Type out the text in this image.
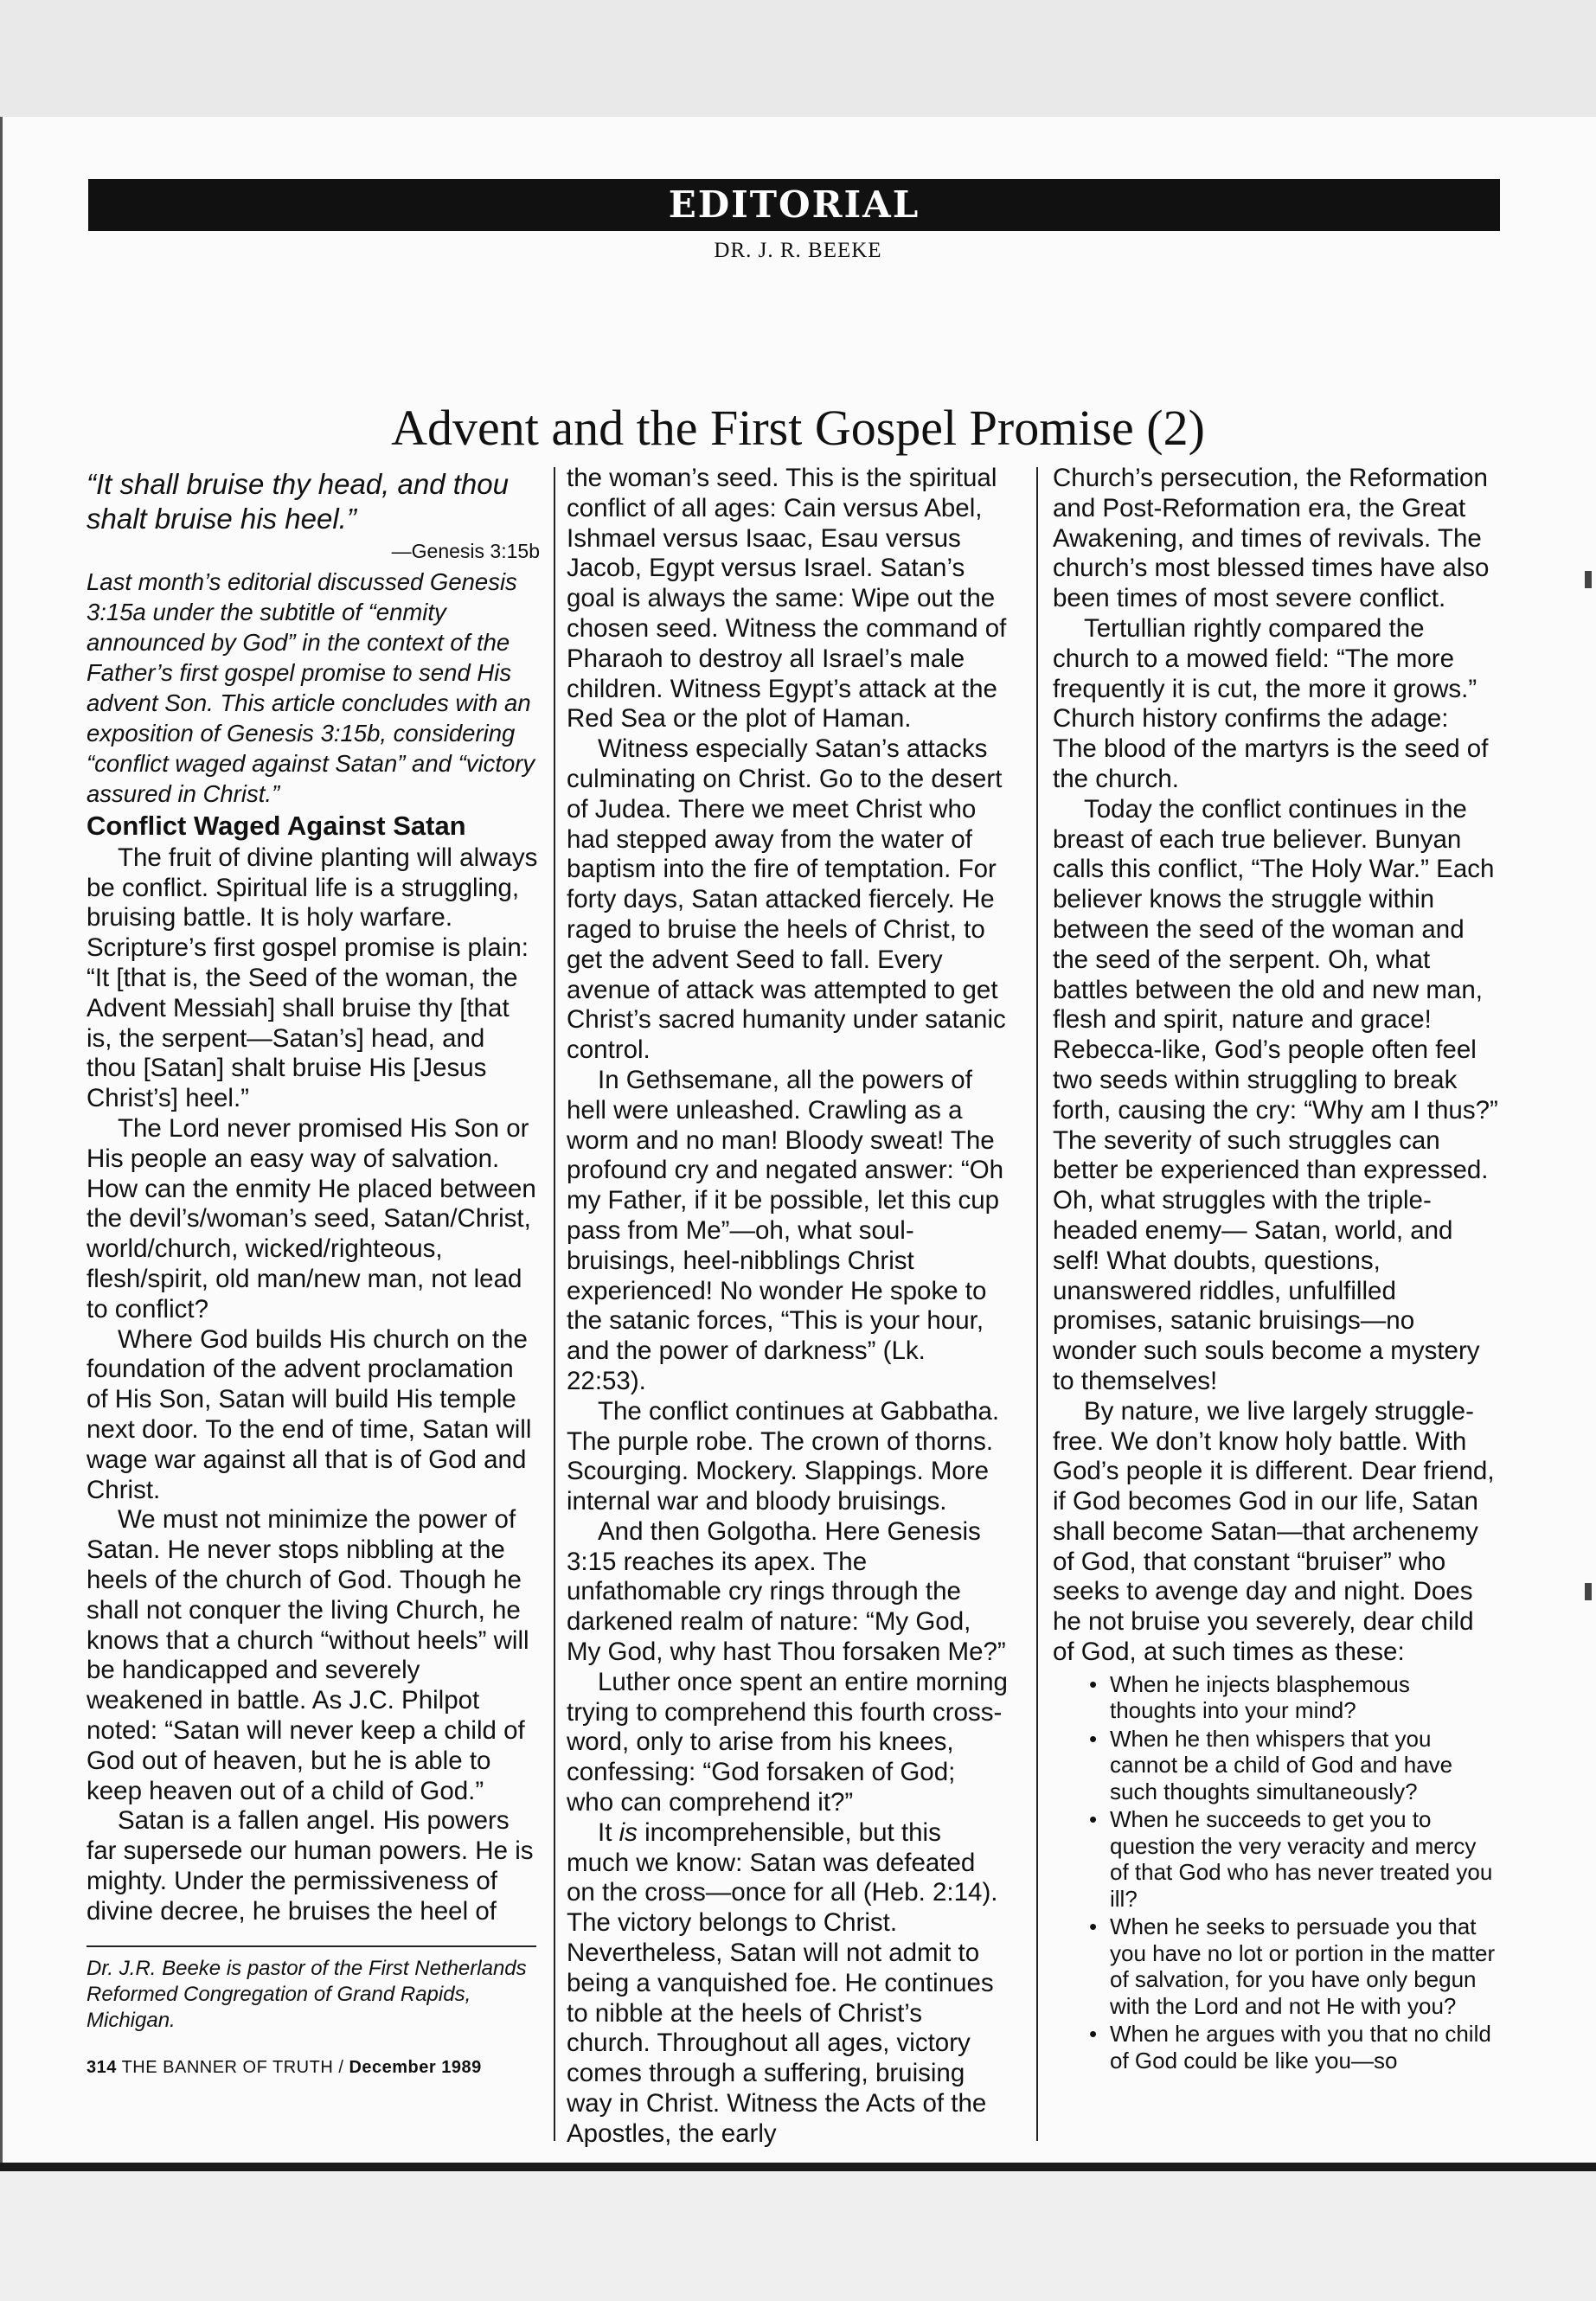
EDITORIAL
DR. J. R. BEEKE
Advent and the First Gospel Promise (2)

“It shall bruise thy head, and thou shalt bruise his heel.”

—Genesis 3:15b

Last month’s editorial discussed Genesis 3:15a under the subtitle of “enmity announced by God” in the context of the Father’s first gospel promise to send His advent Son. This article concludes with an exposition of Genesis 3:15b, considering “conflict waged against Satan” and “victory assured in Christ.”

Conflict Waged Against Satan

The fruit of divine planting will always be conflict. Spiritual life is a struggling, bruising battle. It is holy warfare. Scripture’s first gospel promise is plain: “It [that is, the Seed of the woman, the Advent Messiah] shall bruise thy [that is, the serpent—Satan’s] head, and thou [Satan] shalt bruise His [Jesus Christ’s] heel.”

The Lord never promised His Son or His people an easy way of salvation. How can the enmity He placed between the devil’s/woman’s seed, Satan/Christ, world/church, wicked/righteous, flesh/spirit, old man/new man, not lead to conflict?

Where God builds His church on the foundation of the advent proclamation of His Son, Satan will build His temple next door. To the end of time, Satan will wage war against all that is of God and Christ.

We must not minimize the power of Satan. He never stops nibbling at the heels of the church of God. Though he shall not conquer the living Church, he knows that a church “without heels” will be handicapped and severely weakened in battle. As J.C. Philpot noted: “Satan will never keep a child of God out of heaven, but he is able to keep heaven out of a child of God.”

Satan is a fallen angel. His powers far supersede our human powers. He is mighty. Under the permissiveness of divine decree, he bruises the heel of

Dr. J.R. Beeke is pastor of the First Netherlands Reformed Congregation of Grand Rapids, Michigan.
314 THE BANNER OF TRUTH / December 1989

the woman’s seed. This is the spiritual conflict of all ages: Cain versus Abel, Ishmael versus Isaac, Esau versus Jacob, Egypt versus Israel. Satan’s goal is always the same: Wipe out the chosen seed. Witness the command of Pharaoh to destroy all Israel’s male children. Witness Egypt’s attack at the Red Sea or the plot of Haman.

Witness especially Satan’s attacks culminating on Christ. Go to the desert of Judea. There we meet Christ who had stepped away from the water of baptism into the fire of temptation. For forty days, Satan attacked fiercely. He raged to bruise the heels of Christ, to get the advent Seed to fall. Every avenue of attack was attempted to get Christ’s sacred humanity under satanic control.

In Gethsemane, all the powers of hell were unleashed. Crawling as a worm and no man! Bloody sweat! The profound cry and negated answer: “Oh my Father, if it be possible, let this cup pass from Me”—oh, what soul-bruisings, heel-nibblings Christ experienced! No wonder He spoke to the satanic forces, “This is your hour, and the power of darkness” (Lk. 22:53).

The conflict continues at Gabbatha. The purple robe. The crown of thorns. Scourging. Mockery. Slappings. More internal war and bloody bruisings.

And then Golgotha. Here Genesis 3:15 reaches its apex. The unfathomable cry rings through the darkened realm of nature: “My God, My God, why hast Thou forsaken Me?”

Luther once spent an entire morning trying to comprehend this fourth cross-word, only to arise from his knees, confessing: “God forsaken of God; who can comprehend it?”

It is incomprehensible, but this much we know: Satan was defeated on the cross—once for all (Heb. 2:14). The victory belongs to Christ. Nevertheless, Satan will not admit to being a vanquished foe. He continues to nibble at the heels of Christ’s church. Throughout all ages, victory comes through a suffering, bruising way in Christ. Witness the Acts of the Apostles, the early

Church’s persecution, the Reformation and Post-Reformation era, the Great Awakening, and times of revivals. The church’s most blessed times have also been times of most severe conflict.

Tertullian rightly compared the church to a mowed field: “The more frequently it is cut, the more it grows.” Church history confirms the adage: The blood of the martyrs is the seed of the church.

Today the conflict continues in the breast of each true believer. Bunyan calls this conflict, “The Holy War.” Each believer knows the struggle within between the seed of the woman and the seed of the serpent. Oh, what battles between the old and new man, flesh and spirit, nature and grace! Rebecca-like, God’s people often feel two seeds within struggling to break forth, causing the cry: “Why am I thus?” The severity of such struggles can better be experienced than expressed. Oh, what struggles with the triple-headed enemy— Satan, world, and self! What doubts, questions, unanswered riddles, unfulfilled promises, satanic bruisings—no wonder such souls become a mystery to themselves!

By nature, we live largely struggle-free. We don’t know holy battle. With God’s people it is different. Dear friend, if God becomes God in our life, Satan shall become Satan—that archenemy of God, that constant “bruiser” who seeks to avenge day and night. Does he not bruise you severely, dear child of God, at such times as these:

• When he injects blasphemous thoughts into your mind?
• When he then whispers that you cannot be a child of God and have such thoughts simultaneously?
• When he succeeds to get you to question the very veracity and mercy of that God who has never treated you ill?
• When he seeks to persuade you that you have no lot or portion in the matter of salvation, for you have only begun with the Lord and not He with you?
• When he argues with you that no child of God could be like you—so
